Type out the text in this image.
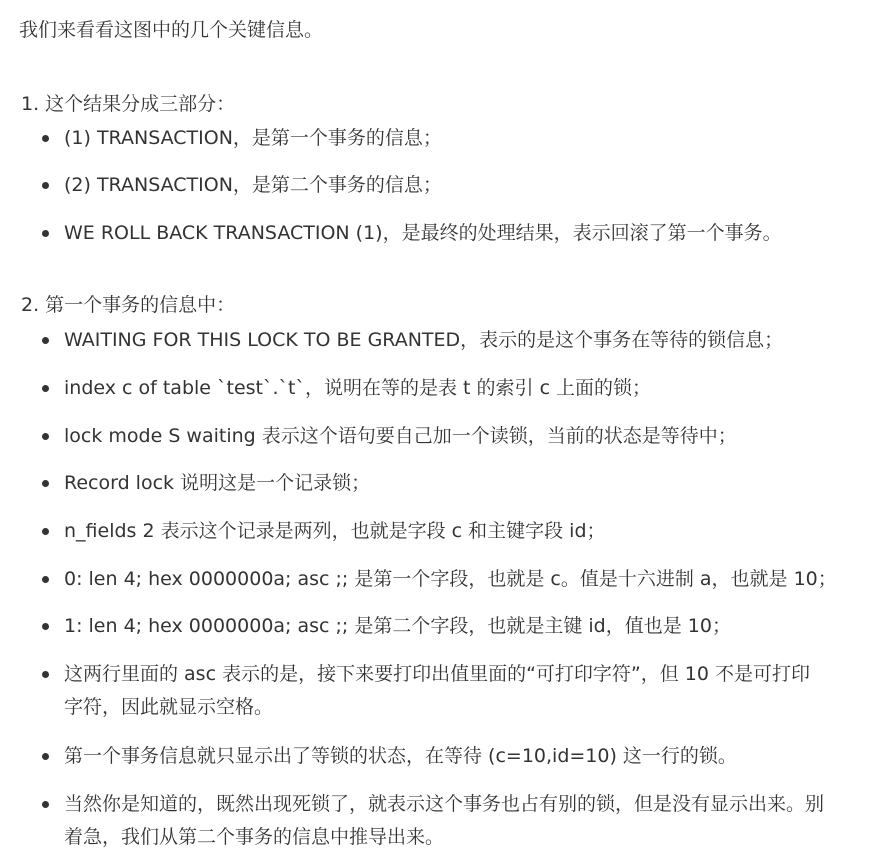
我们来看看这图中的几个关键信息。
1. 这个结果分成三部分：
(1) TRANSACTION，是第一个事务的信息；
(2) TRANSACTION，是第二个事务的信息；
WE ROLL BACK TRANSACTION (1)，是最终的处理结果，表示回滚了第一个事务。
2. 第一个事务的信息中：
WAITING FOR THIS LOCK TO BE GRANTED，表示的是这个事务在等待的锁信息；
index c of table `test`.`t`，说明在等的是表 t 的索引 c 上面的锁；
lock mode S waiting 表示这个语句要自己加一个读锁，当前的状态是等待中；
Record lock 说明这是一个记录锁；
n_fields 2 表示这个记录是两列，也就是字段 c 和主键字段 id；
0: len 4; hex 0000000a; asc ;; 是第一个字段，也就是 c。值是十六进制 a，也就是 10；
1: len 4; hex 0000000a; asc ;; 是第二个字段，也就是主键 id，值也是 10；
这两行里面的 asc 表示的是，接下来要打印出值里面的“可打印字符”，但 10 不是可打印
字符，因此就显示空格。
第一个事务信息就只显示出了等锁的状态，在等待 (c=10,id=10) 这一行的锁。
当然你是知道的，既然出现死锁了，就表示这个事务也占有别的锁，但是没有显示出来。别
着急，我们从第二个事务的信息中推导出来。
